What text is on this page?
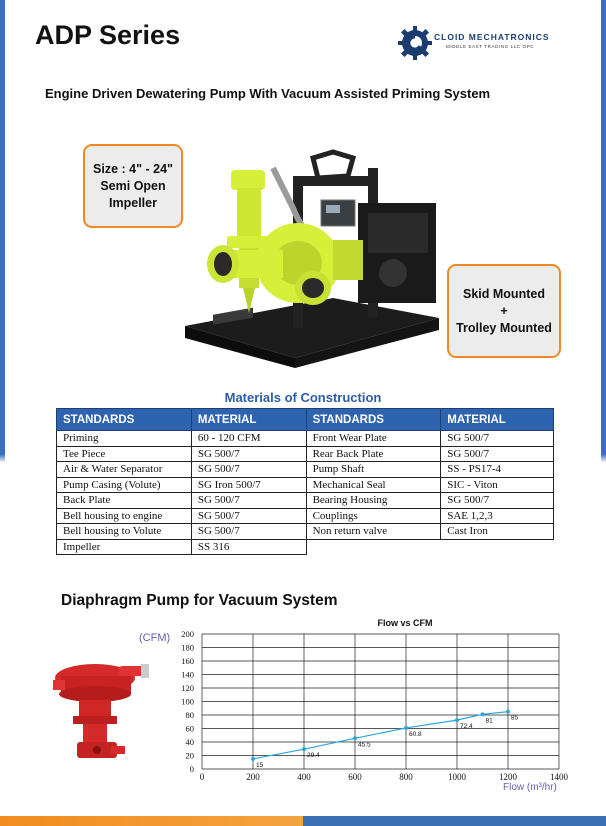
ADP Series	CLOID MECHATRONICS
MIDDLE EAST TRADING LLC OPC
Engine Driven Dewatering Pump With Vacuum Assisted Priming System
Size : 4" - 24"
Semi Open
Impeller
Skid Mounted
+
Trolley Mounted
Materials of Construction
STANDARDS	MATERIAL	STANDARDS	MATERIAL
Priming	60 - 120 CFM	Front Wear Plate	SG 500/7
Tee Piece	SG 500/7	Rear Back Plate	SG 500/7
Air & Water Separator	SG 500/7	Pump Shaft	SS - PS17-4
Pump Casing (Volute)	SG Iron 500/7	Mechanical Seal	SIC - Viton
Back Plate	SG 500/7	Bearing Housing	SG 500/7
Bell housing to engine	SG 500/7	Couplings	SAE 1,2,3
Bell housing to Volute	SG 500/7	Non return valve	Cast Iron
Impeller	SS 316		
Diaphragm Pump for Vacuum System
Flow vs CFM
(CFM)
Flow (m³/hr)
0
20
40
60
80
100
120
140
160
180
200
0	200	400	600	800	1000	1200	1400
15
29.4
45.5
60.8
72.4
81	85
